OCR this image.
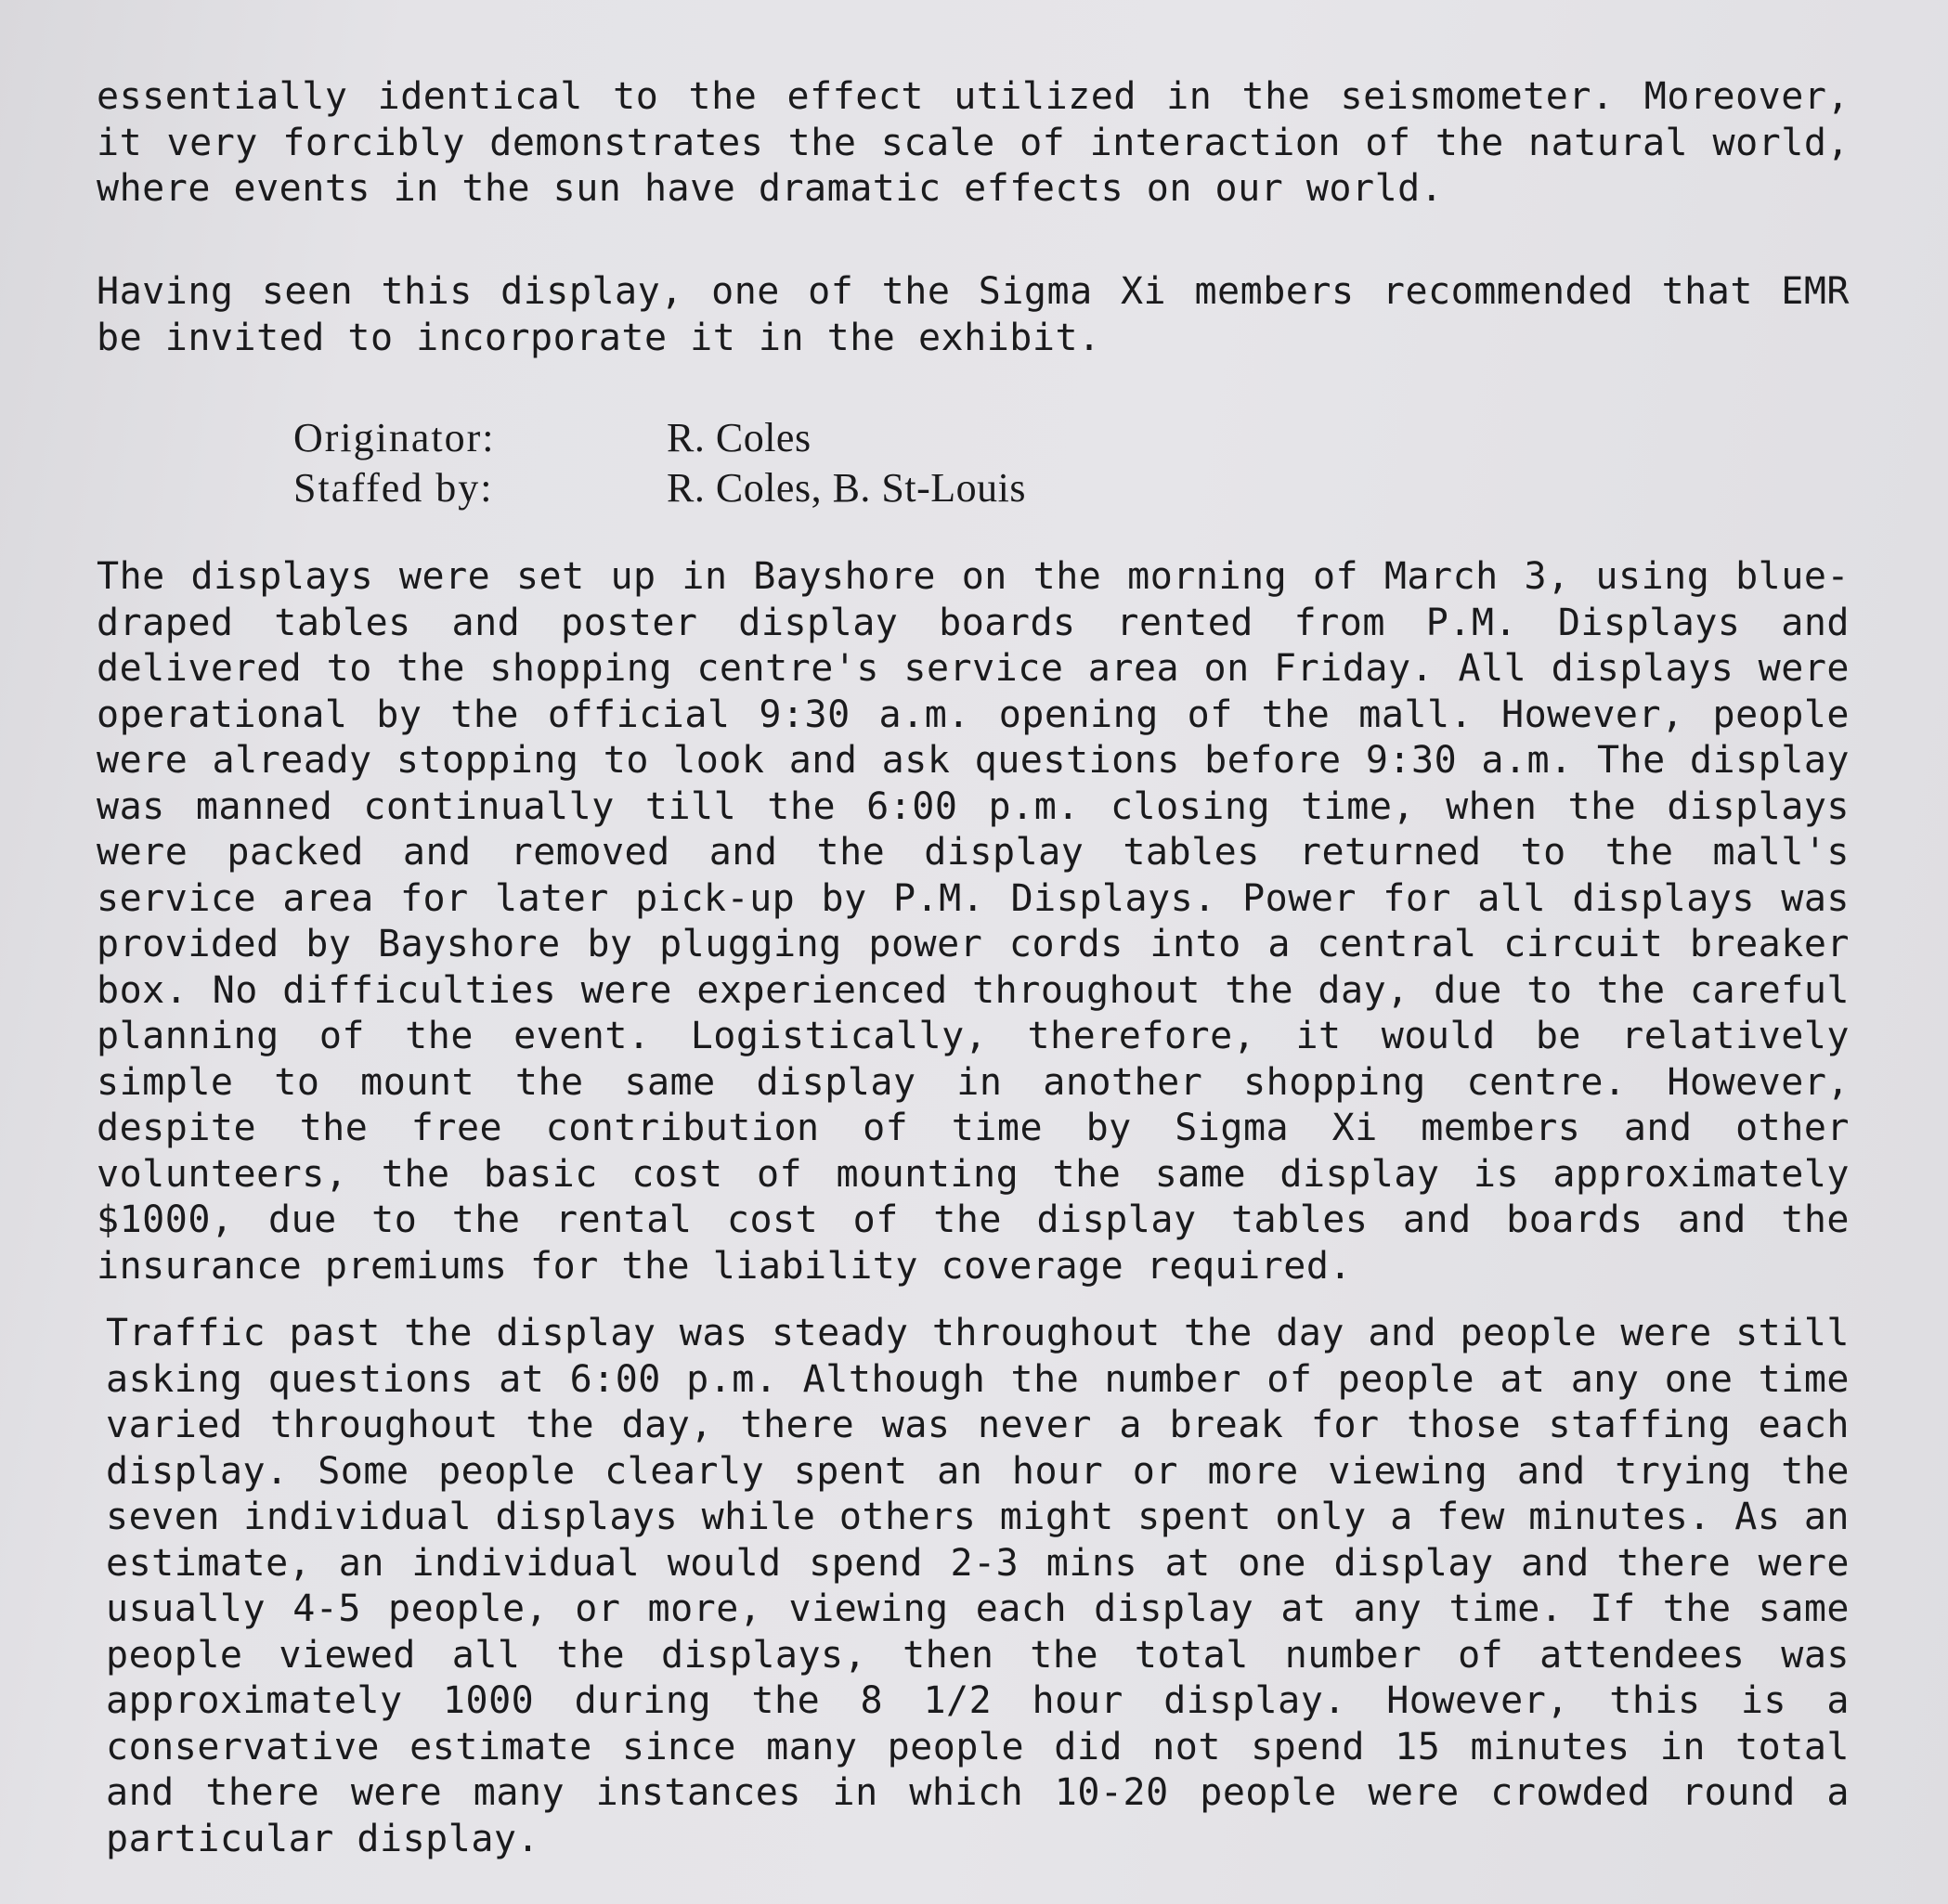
essentially identical to the effect utilized in the seismometer. Moreover, it very forcibly demonstrates the scale of interaction of the natural world, where events in the sun have dramatic effects on our world.

Having seen this display, one of the Sigma Xi members recommended that EMR be invited to incorporate it in the exhibit.

Originator:	R. Coles
Staffed by:	R. Coles, B. St-Louis

The displays were set up in Bayshore on the morning of March 3, using blue-draped tables and poster display boards rented from P.M. Displays and delivered to the shopping centre's service area on Friday. All displays were operational by the official 9:30 a.m. opening of the mall. However, people were already stopping to look and ask questions before 9:30 a.m. The display was manned continually till the 6:00 p.m. closing time, when the displays were packed and removed and the display tables returned to the mall's service area for later pick-up by P.M. Displays. Power for all displays was provided by Bayshore by plugging power cords into a central circuit breaker box. No difficulties were experienced throughout the day, due to the careful planning of the event. Logistically, therefore, it would be relatively simple to mount the same display in another shopping centre. However, despite the free contribution of time by Sigma Xi members and other volunteers, the basic cost of mounting the same display is approximately $1000, due to the rental cost of the display tables and boards and the insurance premiums for the liability coverage required.

Traffic past the display was steady throughout the day and people were still asking questions at 6:00 p.m. Although the number of people at any one time varied throughout the day, there was never a break for those staffing each display. Some people clearly spent an hour or more viewing and trying the seven individual displays while others might spent only a few minutes. As an estimate, an individual would spend 2-3 mins at one display and there were usually 4-5 people, or more, viewing each display at any time. If the same people viewed all the displays, then the total number of attendees was approximately 1000 during the 8 1/2 hour display. However, this is a conservative estimate since many people did not spend 15 minutes in total and there were many instances in which 10-20 people were crowded round a particular display.
